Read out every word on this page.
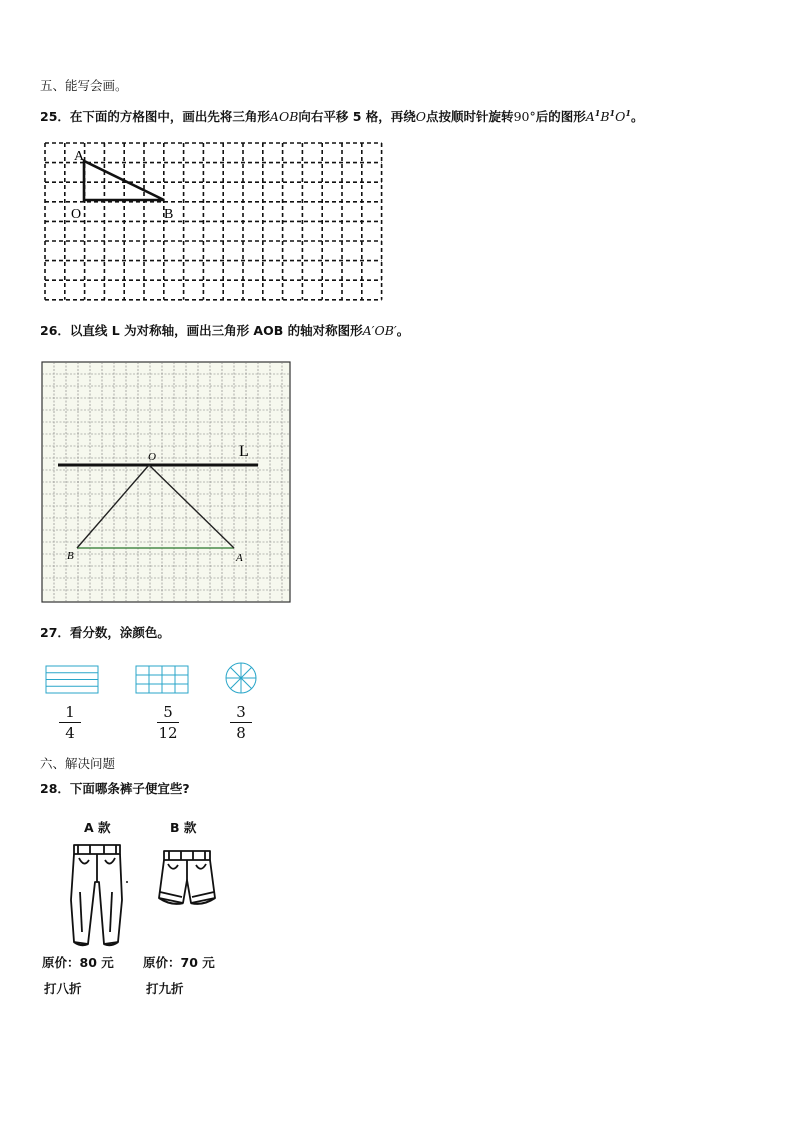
五、能写会画。
25．在下面的方格图中，画出先将三角形AOB向右平移 5 格，再绕O点按顺时针旋转90°后的图形$A^1B^1O^1$。
A
O	B
26．以直线 L 为对称轴，画出三角形 AOB 的轴对称图形A′OB′。
O	L
B	A
27．看分数，涂颜色。
1
4
5
12
3
8
六、解决问题
28．下面哪条裤子便宜些?
A 款	B 款
原价：80 元 原价：70 元
打八折	打九折
